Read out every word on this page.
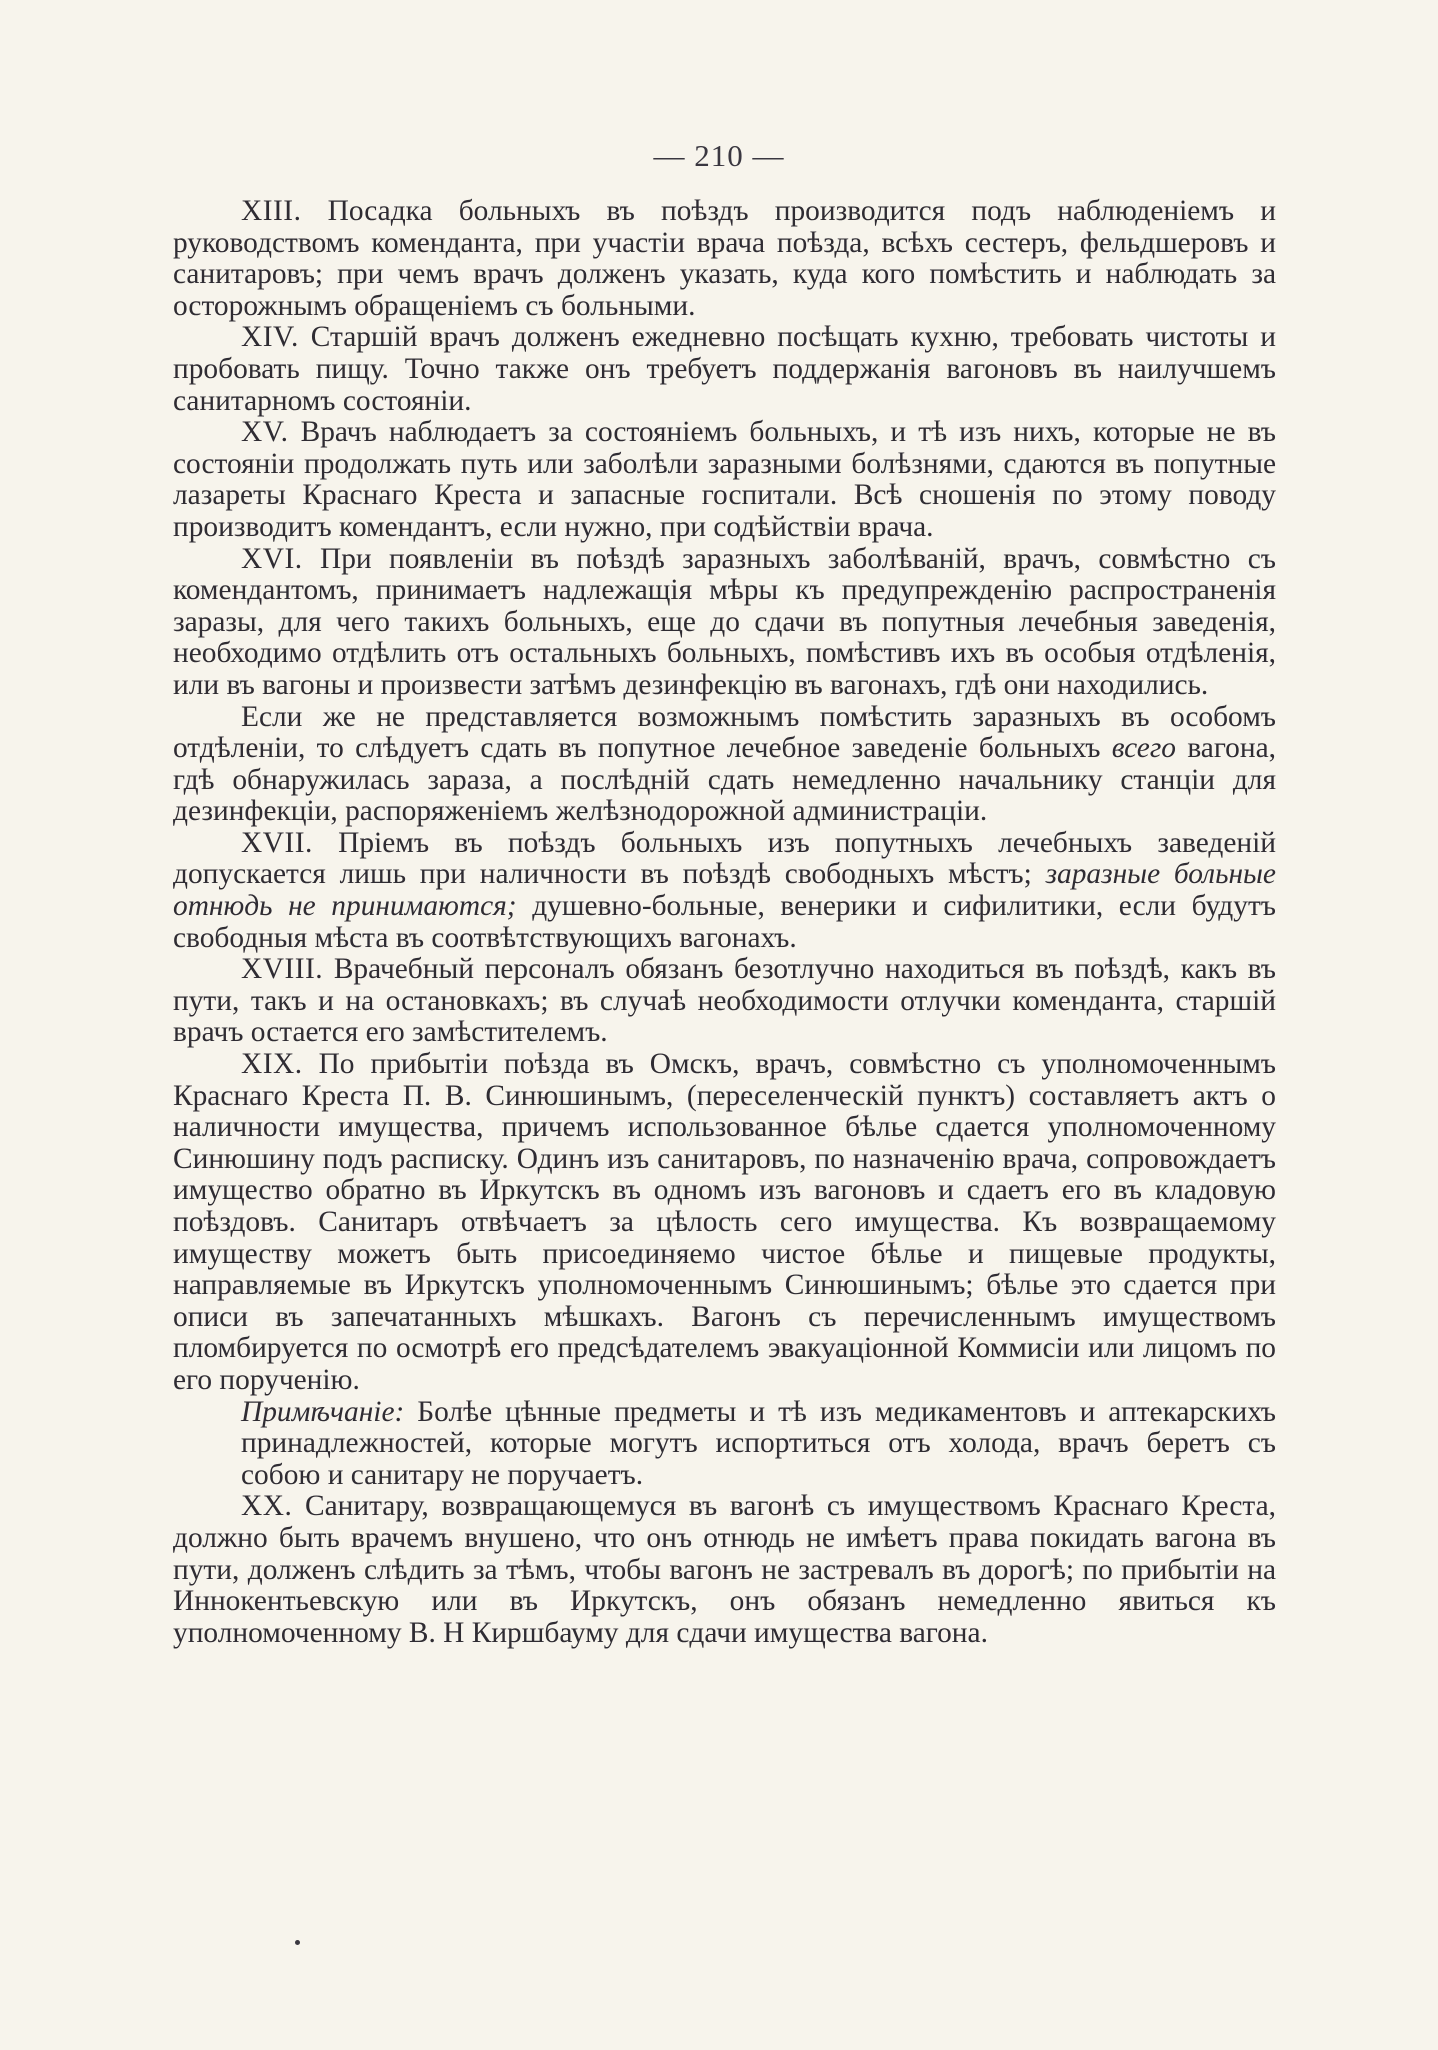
— 210 —

XIII. Посадка больныхъ въ поѣздъ производится подъ наблюденіемъ и руководствомъ коменданта, при участіи врача поѣзда, всѣхъ сестеръ, фельдшеровъ и санитаровъ; при чемъ врачъ долженъ указать, куда кого помѣстить и наблюдать за осторожнымъ обращеніемъ съ больными.

XIV. Старшій врачъ долженъ ежедневно посѣщать кухню, требовать чистоты и пробовать пищу. Точно также онъ требуетъ поддержанія вагоновъ въ наилучшемъ санитарномъ состояніи.

XV. Врачъ наблюдаетъ за состояніемъ больныхъ, и тѣ изъ нихъ, которые не въ состояніи продолжать путь или заболѣли заразными болѣзнями, сдаются въ попутные лазареты Краснаго Креста и запасные госпитали. Всѣ сношенія по этому поводу производитъ комендантъ, если нужно, при содѣйствіи врача.

XVI. При появленіи въ поѣздѣ заразныхъ заболѣваній, врачъ, совмѣстно съ комендантомъ, принимаетъ надлежащія мѣры къ предупрежденію распространенія заразы, для чего такихъ больныхъ, еще до сдачи въ попутныя лечебныя заведенія, необходимо отдѣлить отъ остальныхъ больныхъ, помѣстивъ ихъ въ особыя отдѣленія, или въ вагоны и произвести затѣмъ дезинфекцію въ вагонахъ, гдѣ они находились.

Если же не представляется возможнымъ помѣстить заразныхъ въ особомъ отдѣленіи, то слѣдуетъ сдать въ попутное лечебное заведеніе больныхъ всего вагона, гдѣ обнаружилась зараза, а послѣдній сдать немедленно начальнику станціи для дезинфекціи, распоряженіемъ желѣзнодорожной администраціи.

XVII. Пріемъ въ поѣздъ больныхъ изъ попутныхъ лечебныхъ заведеній допускается лишь при наличности въ поѣздѣ свободныхъ мѣстъ; заразные больные отнюдь не принимаются; душевно-больные, венерики и сифилитики, если будутъ свободныя мѣста въ соотвѣтствующихъ вагонахъ.

XVIII. Врачебный персоналъ обязанъ безотлучно находиться въ поѣздѣ, какъ въ пути, такъ и на остановкахъ; въ случаѣ необходимости отлучки коменданта, старшій врачъ остается его замѣстителемъ.

XIX. По прибытіи поѣзда въ Омскъ, врачъ, совмѣстно съ уполномоченнымъ Краснаго Креста П. В. Синюшинымъ, (переселенческій пунктъ) составляетъ актъ о наличности имущества, причемъ использованное бѣлье сдается уполномоченному Синюшину подъ расписку. Одинъ изъ санитаровъ, по назначенію врача, сопровождаетъ имущество обратно въ Иркутскъ въ одномъ изъ вагоновъ и сдаетъ его въ кладовую поѣздовъ. Санитаръ отвѣчаетъ за цѣлость сего имущества. Къ возвращаемому имуществу можетъ быть присоединяемо чистое бѣлье и пищевые продукты, направляемые въ Иркутскъ уполномоченнымъ Синюшинымъ; бѣлье это сдается при описи въ запечатанныхъ мѣшкахъ. Вагонъ съ перечисленнымъ имуществомъ пломбируется по осмотрѣ его предсѣдателемъ эвакуаціонной Коммисіи или лицомъ по его порученію.

Примѣчаніе: Болѣе цѣнные предметы и тѣ изъ медикаментовъ и аптекарскихъ принадлежностей, которые могутъ испортиться отъ холода, врачъ беретъ съ собою и санитару не поручаетъ.

XX. Санитару, возвращающемуся въ вагонѣ съ имуществомъ Краснаго Креста, должно быть врачемъ внушено, что онъ отнюдь не имѣетъ права покидать вагона въ пути, долженъ слѣдить за тѣмъ, чтобы вагонъ не застревалъ въ дорогѣ; по прибытіи на Иннокентьевскую или въ Иркутскъ, онъ обязанъ немедленно явиться къ уполномоченному В. Н Киршбауму для сдачи имущества вагона.
